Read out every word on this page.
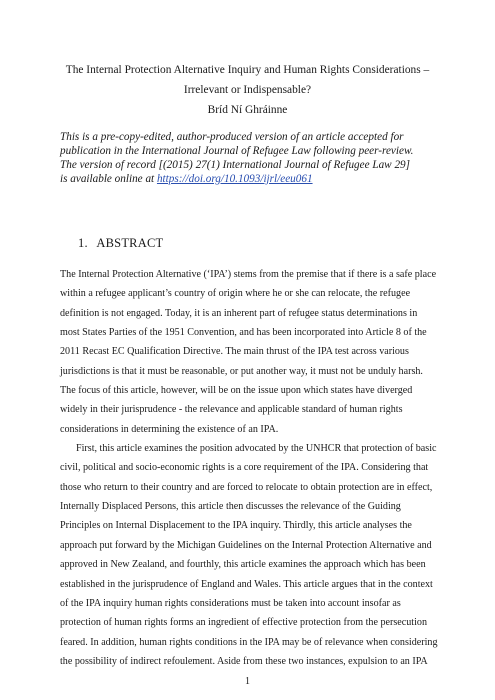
The Internal Protection Alternative Inquiry and Human Rights Considerations –
Irrelevant or Indispensable?
Bríd Ní Ghráinne
This is a pre-copy-edited, author-produced version of an article accepted for
publication in the International Journal of Refugee Law following peer-review.
The version of record [(2015) 27(1) International Journal of Refugee Law 29]
is available online at https://doi.org/10.1093/ijrl/eeu061
1. ABSTRACT
The Internal Protection Alternative (‘IPA’) stems from the premise that if there is a safe place
within a refugee applicant’s country of origin where he or she can relocate, the refugee
definition is not engaged. Today, it is an inherent part of refugee status determinations in
most States Parties of the 1951 Convention, and has been incorporated into Article 8 of the
2011 Recast EC Qualification Directive. The main thrust of the IPA test across various
jurisdictions is that it must be reasonable, or put another way, it must not be unduly harsh.
The focus of this article, however, will be on the issue upon which states have diverged
widely in their jurisprudence - the relevance and applicable standard of human rights
considerations in determining the existence of an IPA.
First, this article examines the position advocated by the UNHCR that protection of basic
civil, political and socio-economic rights is a core requirement of the IPA. Considering that
those who return to their country and are forced to relocate to obtain protection are in effect,
Internally Displaced Persons, this article then discusses the relevance of the Guiding
Principles on Internal Displacement to the IPA inquiry. Thirdly, this article analyses the
approach put forward by the Michigan Guidelines on the Internal Protection Alternative and
approved in New Zealand, and fourthly, this article examines the approach which has been
established in the jurisprudence of England and Wales. This article argues that in the context
of the IPA inquiry human rights considerations must be taken into account insofar as
protection of human rights forms an ingredient of effective protection from the persecution
feared. In addition, human rights conditions in the IPA may be of relevance when considering
the possibility of indirect refoulement. Aside from these two instances, expulsion to an IPA
1
